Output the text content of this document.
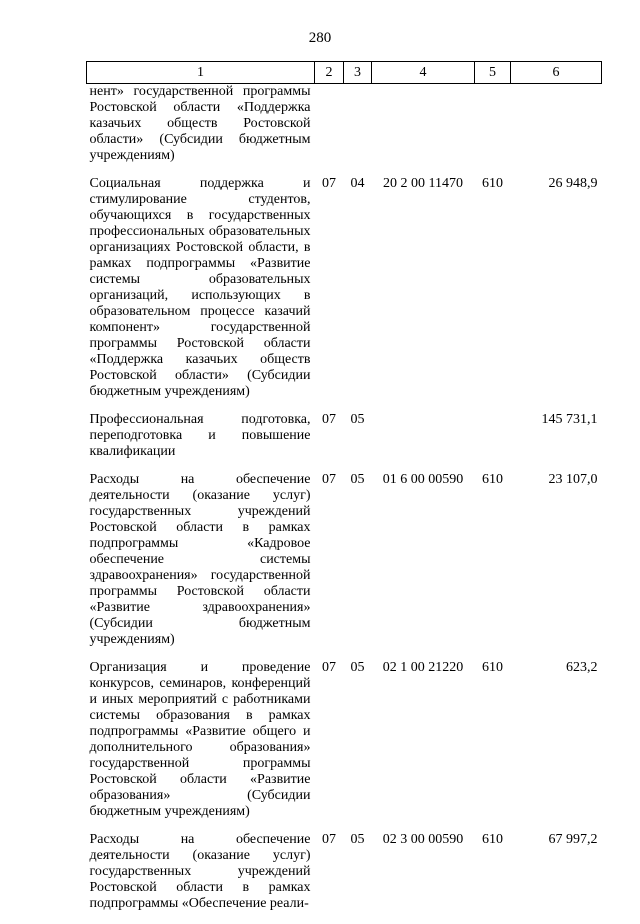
280
1	2	3	4	5	6
нент» государственной программы Ростовской области «Поддержка казачьих обществ Ростовской области» (Субсидии бюджетным учреждениям)					
Социальная поддержка и стимулирование студентов, обучающихся в государственных профессиональных образовательных организациях Ростовской области, в рамках подпрограммы «Развитие системы образовательных организаций, использующих в образовательном процессе казачий компонент» государственной программы Ростовской области «Поддержка казачьих обществ Ростовской области» (Субсидии бюджетным учреждениям)	07	04	20 2 00 11470	610	26 948,9
Профессиональная подготовка, переподготовка и повышение квалификации	07	05			145 731,1
Расходы на обеспечение деятельности (оказание услуг) государственных учреждений Ростовской области в рамках подпрограммы «Кадровое обеспечение системы здравоохранения» государственной программы Ростовской области «Развитие здравоохранения» (Субсидии бюджетным учреждениям)	07	05	01 6 00 00590	610	23 107,0
Организация и проведение конкурсов, семинаров, конференций и иных мероприятий с работниками системы образования в рамках подпрограммы «Развитие общего и дополнительного образования» государственной программы Ростовской области «Развитие образования» (Субсидии бюджетным учреждениям)	07	05	02 1 00 21220	610	623,2
Расходы на обеспечение деятельности (оказание услуг) государственных учреждений Ростовской области в рамках подпрограммы «Обеспечение реали-	07	05	02 3 00 00590	610	67 997,2
